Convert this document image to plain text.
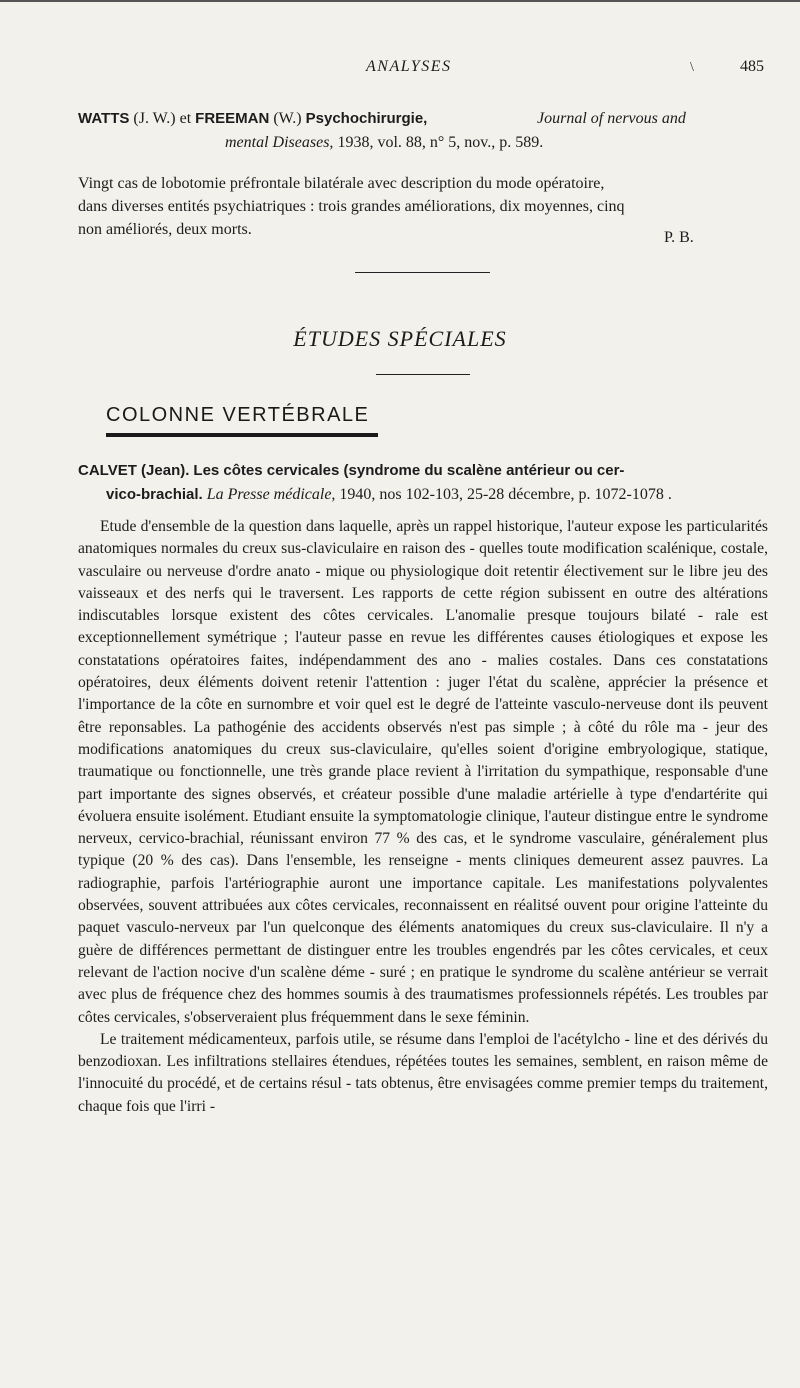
ANALYSES	\	485
WATTS (J. W.) et FREEMAN (W.) Psychochirurgie,	Journal of nervous and
mental Diseases, 1938, vol. 88, n° 5, nov., p. 589.
Vingt cas de lobotomie préfrontale bilatérale avec description du mode opératoire,
dans diverses entités psychiatriques : trois grandes améliorations, dix moyennes, cinq
non améliorés, deux morts.	P. B.
ÉTUDES SPÉCIALES
COLONNE VERTÉBRALE
CALVET (Jean). Les côtes cervicales (syndrome du scalène antérieur ou cer-
vico-brachial. La Presse médicale, 1940, nos 102-103, 25-28 décembre, p. 1072-1078 .

Etude d'ensemble de la question dans laquelle, après un rappel historique, l'auteur expose les particularités anatomiques normales du creux sus-claviculaire en raison des - quelles toute modification scalénique, costale, vasculaire ou nerveuse d'ordre anato - mique ou physiologique doit retentir électivement sur le libre jeu des vaisseaux et des nerfs qui le traversent. Les rapports de cette région subissent en outre des altérations indiscutables lorsque existent des côtes cervicales. L'anomalie presque toujours bilaté - rale est exceptionnellement symétrique ; l'auteur passe en revue les différentes causes étiologiques et expose les constatations opératoires faites, indépendamment des ano - malies costales. Dans ces constatations opératoires, deux éléments doivent retenir l'attention : juger l'état du scalène, apprécier la présence et l'importance de la côte en surnombre et voir quel est le degré de l'atteinte vasculo-nerveuse dont ils peuvent être reponsables. La pathogénie des accidents observés n'est pas simple ; à côté du rôle ma - jeur des modifications anatomiques du creux sus-claviculaire, qu'elles soient d'origine embryologique, statique, traumatique ou fonctionnelle, une très grande place revient à l'irritation du sympathique, responsable d'une part importante des signes observés, et créateur possible d'une maladie artérielle à type d'endartérite qui évoluera ensuite isolément. Etudiant ensuite la symptomatologie clinique, l'auteur distingue entre le syndrome nerveux, cervico-brachial, réunissant environ 77 % des cas, et le syndrome vasculaire, généralement plus typique (20 % des cas). Dans l'ensemble, les renseigne - ments cliniques demeurent assez pauvres. La radiographie, parfois l'artériographie auront une importance capitale. Les manifestations polyvalentes observées, souvent attribuées aux côtes cervicales, reconnaissent en réalitsé ouvent pour origine l'atteinte du paquet vasculo-nerveux par l'un quelconque des éléments anatomiques du creux sus-claviculaire. Il n'y a guère de différences permettant de distinguer entre les troubles engendrés par les côtes cervicales, et ceux relevant de l'action nocive d'un scalène déme - suré ; en pratique le syndrome du scalène antérieur se verrait avec plus de fréquence chez des hommes soumis à des traumatismes professionnels répétés. Les troubles par côtes cervicales, s'observeraient plus fréquemment dans le sexe féminin.

Le traitement médicamenteux, parfois utile, se résume dans l'emploi de l'acétylcho - line et des dérivés du benzodioxan. Les infiltrations stellaires étendues, répétées toutes les semaines, semblent, en raison même de l'innocuité du procédé, et de certains résul - tats obtenus, être envisagées comme premier temps du traitement, chaque fois que l'irri -
